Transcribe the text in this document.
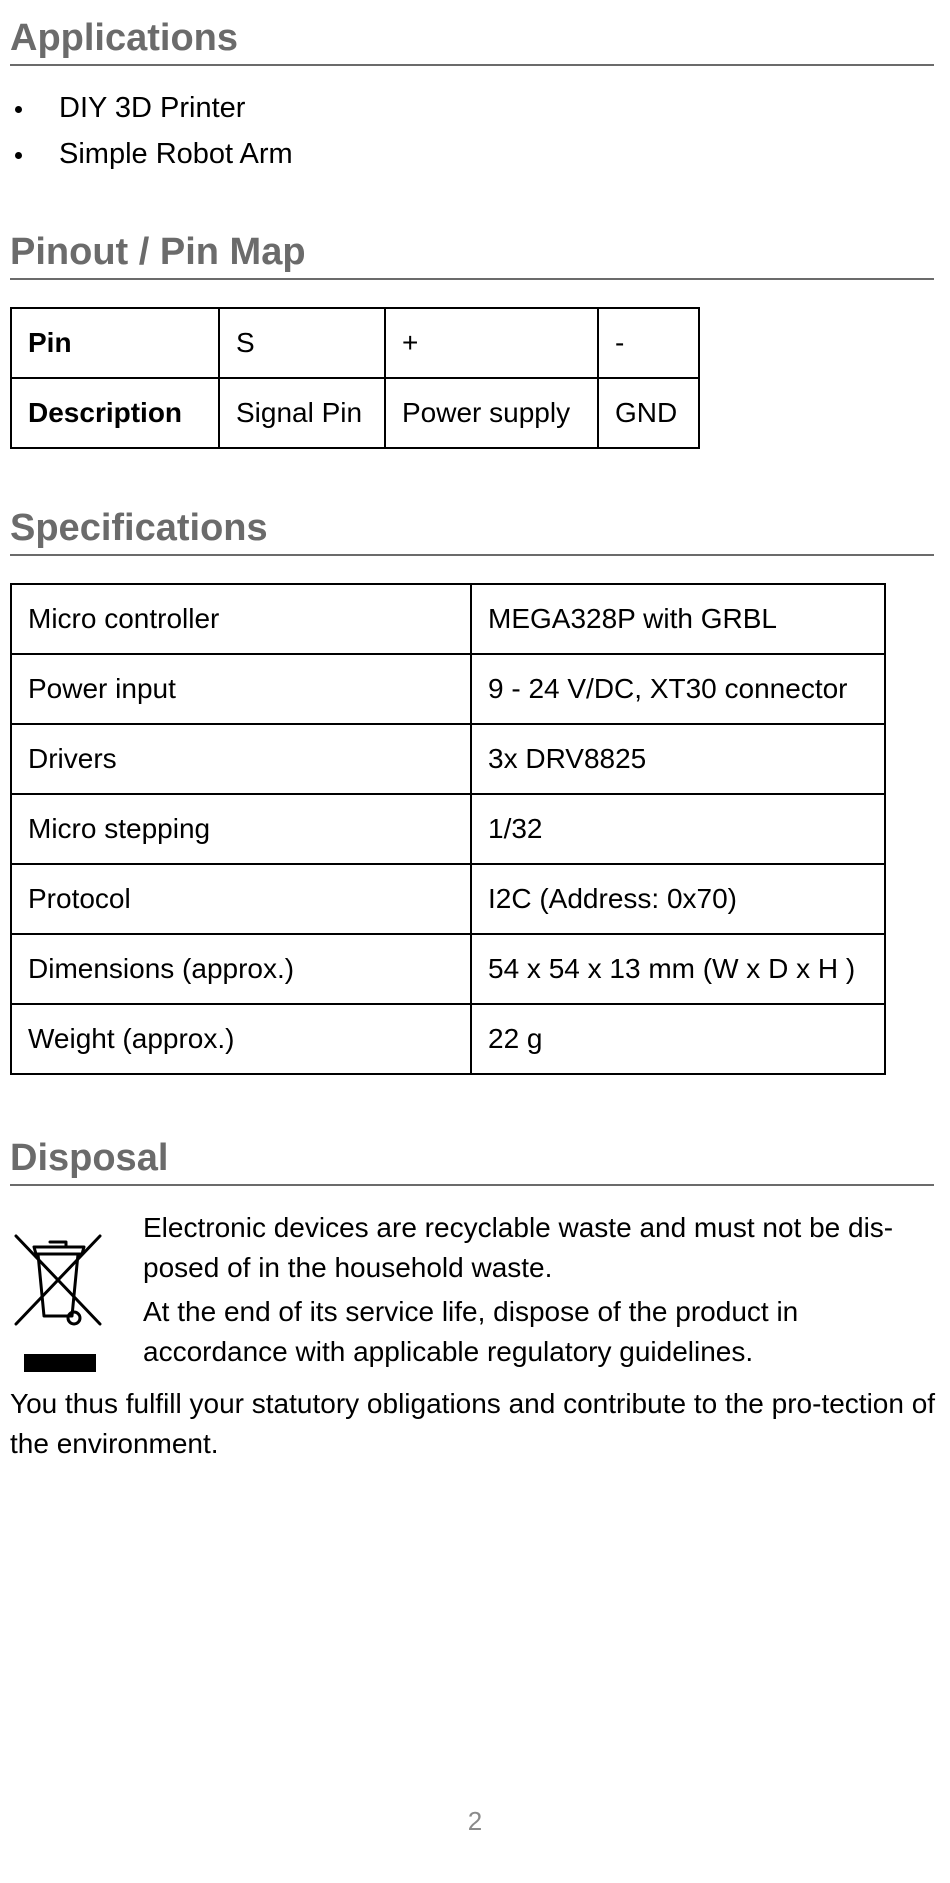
Applications
DIY 3D Printer
Simple Robot Arm
Pinout / Pin Map
Pin	S	+	-
Description	Signal Pin	Power supply	GND
Specifications
Micro controller	MEGA328P with GRBL
Power input	9 - 24 V/DC, XT30 connector
Drivers	3x DRV8825
Micro stepping	1/32
Protocol	I2C (Address: 0x70)
Dimensions (approx.)	54 x 54 x 13 mm (W x D x H )
Weight (approx.)	22 g
Disposal

Electronic devices are recyclable waste and must not be dis-posed of in the household waste.

At the end of its service life, dispose of the product in accordance with applicable regulatory guidelines.

You thus fulfill your statutory obligations and contribute to the pro-tection of the environment.
2
